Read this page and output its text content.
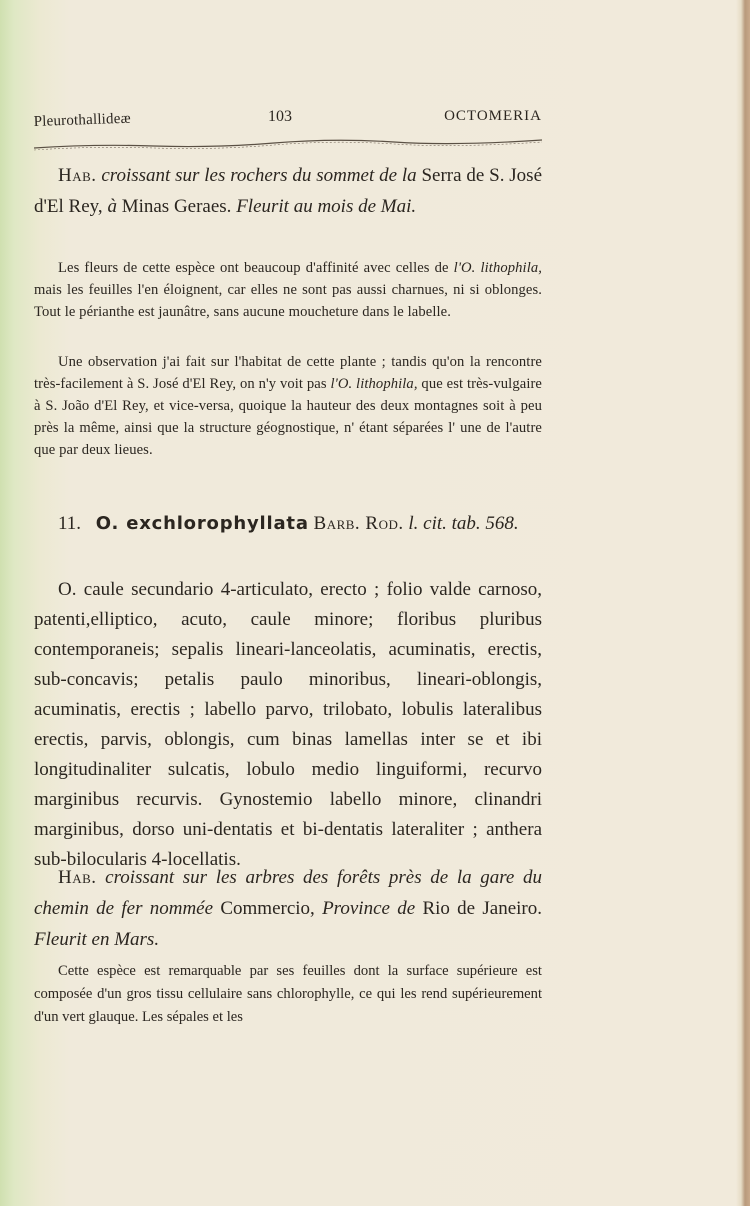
Pleurothallideæ	103	OCTOMERIA

Hab. croissant sur les rochers du sommet de la Serra de S. José d'El Rey, à Minas Geraes. Fleurit au mois de Mai.

Les fleurs de cette espèce ont beaucoup d'affinité avec celles de l'O. lithophila, mais les feuilles l'en éloignent, car elles ne sont pas aussi charnues, ni si oblonges. Tout le périanthe est jaunâtre, sans aucune moucheture dans le labelle.

Une observation j'ai fait sur l'habitat de cette plante ; tandis qu'on la rencontre très-facilement à S. José d'El Rey, on n'y voit pas l'O. lithophila, que est très-vulgaire à S. João d'El Rey, et vice-versa, quoique la hauteur des deux montagnes soit à peu près la même, ainsi que la structure géognostique, n' étant séparées l' une de l'autre que par deux lieues.

11. O. exchlorophyllata Barb. Rod. l. cit. tab. 568.

O. caule secundario 4-articulato, erecto ; folio valde carnoso, patenti,elliptico, acuto, caule minore; floribus pluribus contemporaneis; sepalis lineari-lanceolatis, acuminatis, erectis, sub-concavis; petalis paulo minoribus, lineari-oblongis, acuminatis, erectis ; labello parvo, trilobato, lobulis lateralibus erectis, parvis, oblongis, cum binas lamellas inter se et ibi longitudinaliter sulcatis, lobulo medio linguiformi, recurvo marginibus recurvis. Gynostemio labello minore, clinandri marginibus, dorso uni-dentatis et bi-dentatis lateraliter ; anthera sub-bilocularis 4-locellatis.

Hab. croissant sur les arbres des forêts près de la gare du chemin de fer nommée Commercio, Province de Rio de Janeiro. Fleurit en Mars.

Cette espèce est remarquable par ses feuilles dont la surface supérieure est composée d'un gros tissu cellulaire sans chlorophylle, ce qui les rend supérieurement d'un vert glauque. Les sépales et les
